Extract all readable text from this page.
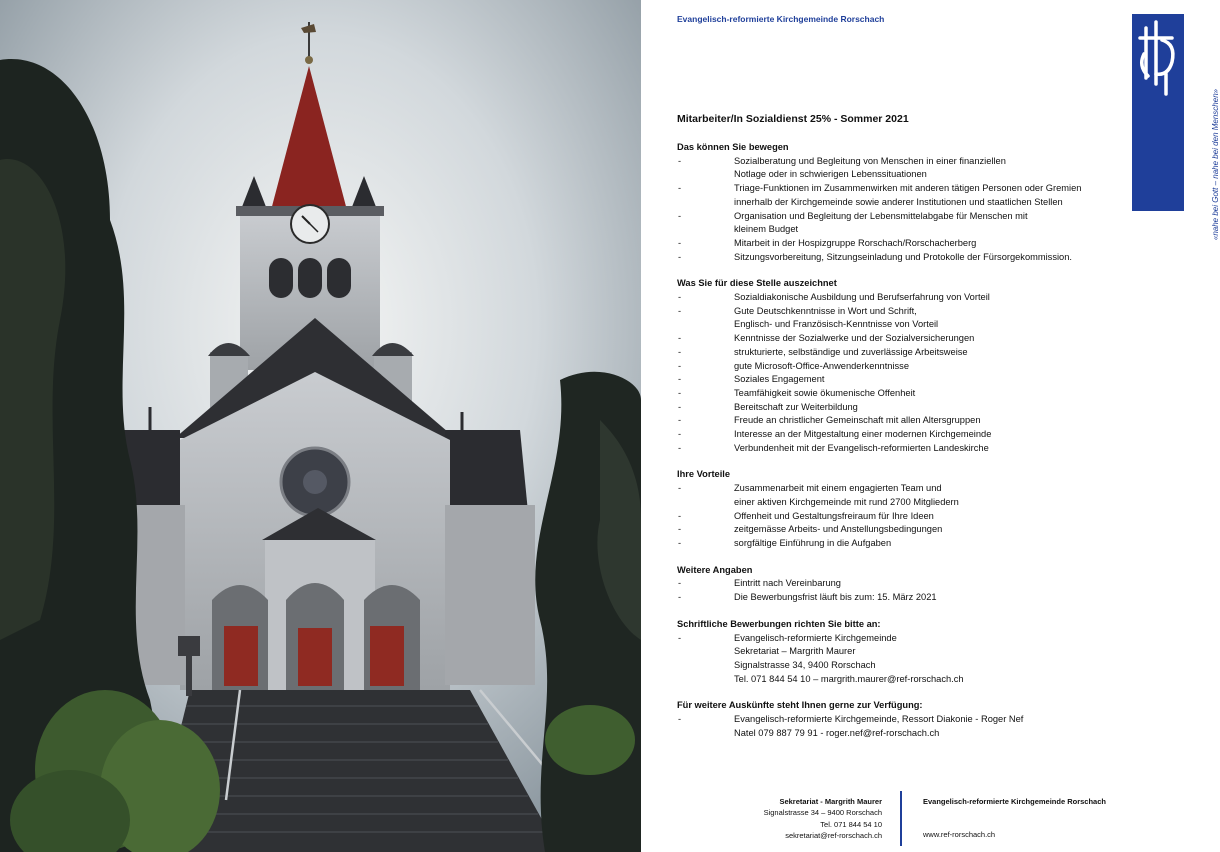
Evangelisch-reformierte Kirchgemeinde Rorschach
«nahe bei Gott – nahe bei den Menschen»
Mitarbeiter/In Sozialdienst 25% - Sommer 2021
Das können Sie bewegen
-	Sozialberatung und Begleitung von Menschen in einer finanziellen
Notlage oder in schwierigen Lebenssituationen
-	Triage-Funktionen im Zusammenwirken mit anderen tätigen Personen oder Gremien
innerhalb der Kirchgemeinde sowie anderer Institutionen und staatlichen Stellen
-	Organisation und Begleitung der Lebensmittelabgabe für Menschen mit
kleinem Budget
-	Mitarbeit in der Hospizgruppe Rorschach/Rorschacherberg
-	Sitzungsvorbereitung, Sitzungseinladung und Protokolle der Fürsorgekommission.
Was Sie für diese Stelle auszeichnet
-	Sozialdiakonische Ausbildung und Berufserfahrung von Vorteil
-	Gute Deutschkenntnisse in Wort und Schrift,
Englisch- und Französisch-Kenntnisse von Vorteil
-	Kenntnisse der Sozialwerke und der Sozialversicherungen
-	strukturierte, selbständige und zuverlässige Arbeitsweise
-	gute Microsoft-Office-Anwenderkenntnisse
-	Soziales Engagement
-	Teamfähigkeit sowie ökumenische Offenheit
-	Bereitschaft zur Weiterbildung
-	Freude an christlicher Gemeinschaft mit allen Altersgruppen
-	Interesse an der Mitgestaltung einer modernen Kirchgemeinde
-	Verbundenheit mit der Evangelisch-reformierten Landeskirche
Ihre Vorteile
-	Zusammenarbeit mit einem engagierten Team und
einer aktiven Kirchgemeinde mit rund 2700 Mitgliedern
-	Offenheit und Gestaltungsfreiraum für Ihre Ideen
-	zeitgemässe Arbeits- und Anstellungsbedingungen
-	sorgfältige Einführung in die Aufgaben
Weitere Angaben
-	Eintritt nach Vereinbarung
-	Die Bewerbungsfrist läuft bis zum: 15. März 2021
Schriftliche Bewerbungen richten Sie bitte an:
-	Evangelisch-reformierte Kirchgemeinde
Sekretariat – Margrith Maurer
Signalstrasse 34, 9400 Rorschach
Tel. 071 844 54 10 – margrith.maurer@ref-rorschach.ch
Für weitere Auskünfte steht Ihnen gerne zur Verfügung:
-	Evangelisch-reformierte Kirchgemeinde, Ressort Diakonie - Roger Nef
Natel 079 887 79 91 - roger.nef@ref-rorschach.ch
Sekretariat - Margrith Maurer
Signalstrasse 34 – 9400 Rorschach
Tel. 071 844 54 10
sekretariat@ref-rorschach.ch
Evangelisch-reformierte Kirchgemeinde Rorschach
www.ref-rorschach.ch
